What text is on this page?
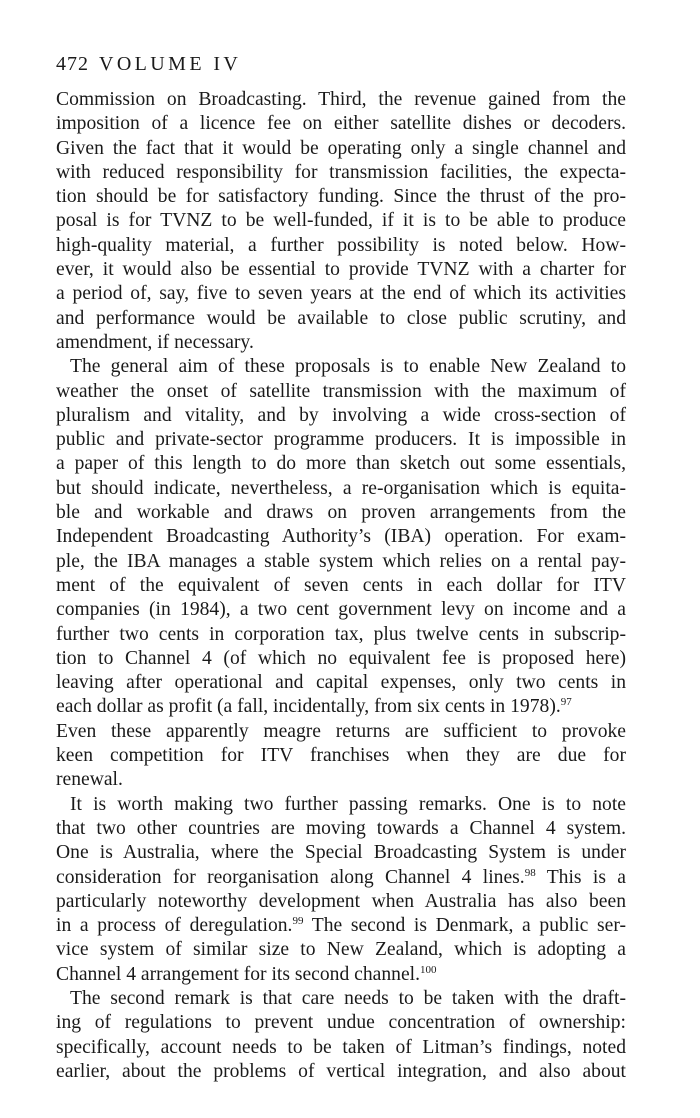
472 VOLUME IV
Commission on Broadcasting. Third, the revenue gained from the
imposition of a licence fee on either satellite dishes or decoders.
Given the fact that it would be operating only a single channel and
with reduced responsibility for transmission facilities, the expecta-
tion should be for satisfactory funding. Since the thrust of the pro-
posal is for TVNZ to be well-funded, if it is to be able to produce
high-quality material, a further possibility is noted below. How-
ever, it would also be essential to provide TVNZ with a charter for
a period of, say, five to seven years at the end of which its activities
and performance would be available to close public scrutiny, and
amendment, if necessary.
The general aim of these proposals is to enable New Zealand to
weather the onset of satellite transmission with the maximum of
pluralism and vitality, and by involving a wide cross-section of
public and private-sector programme producers. It is impossible in
a paper of this length to do more than sketch out some essentials,
but should indicate, nevertheless, a re-organisation which is equita-
ble and workable and draws on proven arrangements from the
Independent Broadcasting Authority’s (IBA) operation. For exam-
ple, the IBA manages a stable system which relies on a rental pay-
ment of the equivalent of seven cents in each dollar for ITV
companies (in 1984), a two cent government levy on income and a
further two cents in corporation tax, plus twelve cents in subscrip-
tion to Channel 4 (of which no equivalent fee is proposed here)
leaving after operational and capital expenses, only two cents in
each dollar as profit (a fall, incidentally, from six cents in 1978).$^{97}$
Even these apparently meagre returns are sufficient to provoke
keen competition for ITV franchises when they are due for
renewal.
It is worth making two further passing remarks. One is to note
that two other countries are moving towards a Channel 4 system.
One is Australia, where the Special Broadcasting System is under
consideration for reorganisation along Channel 4 lines.$^{98}$ This is a
particularly noteworthy development when Australia has also been
in a process of deregulation.$^{99}$ The second is Denmark, a public ser-
vice system of similar size to New Zealand, which is adopting a
Channel 4 arrangement for its second channel.$^{100}$
The second remark is that care needs to be taken with the draft-
ing of regulations to prevent undue concentration of ownership:
specifically, account needs to be taken of Litman’s findings, noted
earlier, about the problems of vertical integration, and also about
